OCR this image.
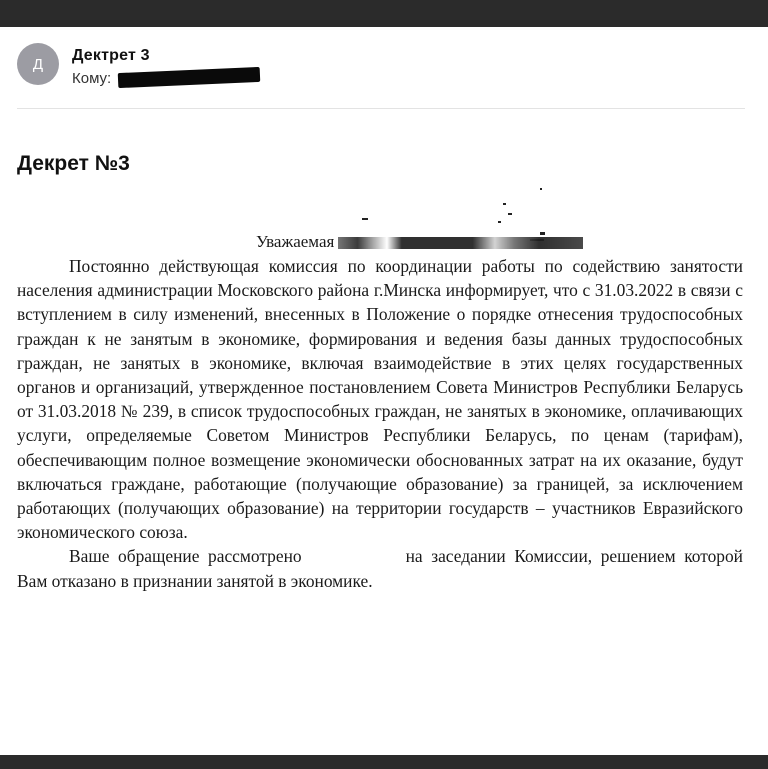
Д Дектрет 3
Кому:
Декрет №3
Уважаемая

Постоянно действующая комиссия по координации работы по содействию занятости населения администрации Московского района г.Минска информирует, что с 31.03.2022 в связи с вступлением в силу изменений, внесенных в Положение о порядке отнесения трудоспособных граждан к не занятым в экономике, формирования и ведения базы данных трудоспособных граждан, не занятых в экономике, включая взаимодействие в этих целях государственных органов и организаций, утвержденное постановлением Совета Министров Республики Беларусь от 31.03.2018 № 239, в список трудоспособных граждан, не занятых в экономике, оплачивающих услуги, определяемые Советом Министров Республики Беларусь, по ценам (тарифам), обеспечивающим полное возмещение экономически обоснованных затрат на их оказание, будут включаться граждане, работающие (получающие образование) за границей, за исключением работающих (получающих образование) на территории государств – участников Евразийского экономического союза.

Ваше обращение рассмотрено	на заседании Комиссии, решением которой Вам отказано в признании занятой в экономике.
